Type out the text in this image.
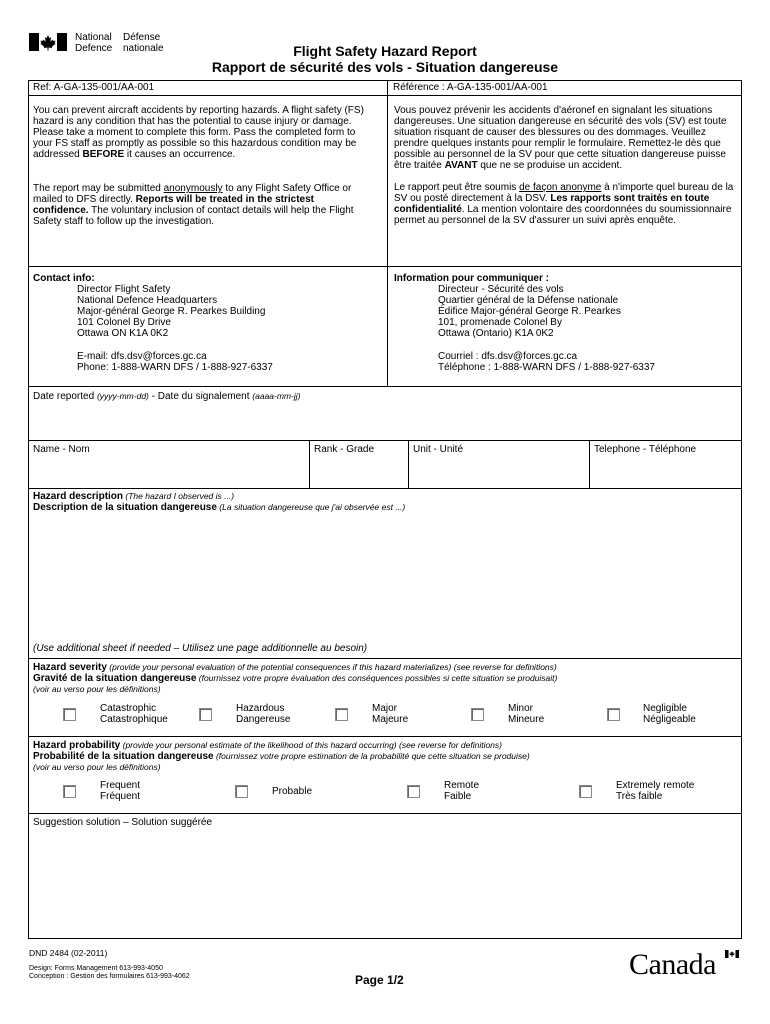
National
Defence
Défense
nationale	Flight Safety Hazard Report
Rapport de sécurité des vols - Situation dangereuse
Ref: A-GA-135-001/AA-001	Référence : A-GA-135-001/AA-001

You can prevent aircraft accidents by reporting hazards. A flight safety (FS) hazard is any condition that has the potential to cause injury or damage. Please take a moment to complete this form. Pass the completed form to your FS staff as promptly as possible so this hazardous condition may be addressed BEFORE it causes an occurrence.

The report may be submitted anonymously to any Flight Safety Office or mailed to DFS directly. Reports will be treated in the strictest confidence. The voluntary inclusion of contact details will help the Flight Safety staff to follow up the investigation.

Vous pouvez prévenir les accidents d'aéronef en signalant les situations dangereuses. Une situation dangereuse en sécurité des vols (SV) est toute situation risquant de causer des blessures ou des dommages. Veuillez prendre quelques instants pour remplir le formulaire. Remettez-le dès que possible au personnel de la SV pour que cette situation dangereuse puisse être traitée AVANT que ne se produise un accident.

Le rapport peut être soumis de façon anonyme à n'importe quel bureau de la SV ou posté directement à la DSV. Les rapports sont traités en toute confidentialité. La mention volontaire des coordonnées du soumissionnaire permet au personnel de la SV d'assurer un suivi après enquête.

Contact info:
Director Flight Safety
National Defence Headquarters
Major-général George R. Pearkes Building
101 Colonel By Drive
Ottawa ON K1A 0K2
E-mail: dfs.dsv@forces.gc.ca
Phone: 1-888-WARN DFS / 1-888-927-6337
Information pour communiquer :
Directeur - Sécurité des vols
Quartier général de la Défense nationale
Édifice Major-général George R. Pearkes
101, promenade Colonel By
Ottawa (Ontario) K1A 0K2
Courriel : dfs.dsv@forces.gc.ca
Téléphone : 1-888-WARN DFS / 1-888-927-6337
Date reported (yyyy-mm-dd) - Date du signalement (aaaa-mm-jj)
Name - Nom	Rank - Grade	Unit - Unité	Telephone - Téléphone
Hazard description (The hazard I observed is ...)
Description de la situation dangereuse (La situation dangereuse que j'ai observée est ...)
(Use additional sheet if needed – Utilisez une page additionnelle au besoin)
Hazard severity (provide your personal evaluation of the potential consequences if this hazard materializes) (see reverse for definitions)
Gravité de la situation dangereuse (fournissez votre propre évaluation des conséquences possibles si cette situation se produisait)
(voir au verso pour les définitions)
Catastrophic
Catastrophique
Hazardous
Dangereuse
Major
Majeure
Minor
Mineure
Negligible
Négligeable
Hazard probability (provide your personal estimate of the likelihood of this hazard occurring) (see reverse for definitions)
Probabilité de la situation dangereuse (fournissez votre propre estimation de la probabilité que cette situation se produise)
(voir au verso pour les définitions)
Frequent
Fréquent	Probable
Remote
Faible
Extremely remote
Très faible
Suggestion solution – Solution suggérée
DND 2484 (02-2011)
Design: Forms Management 613-993-4050
Conception : Gestion des formulaires 613-993-4062	Page 1/2	Canada
